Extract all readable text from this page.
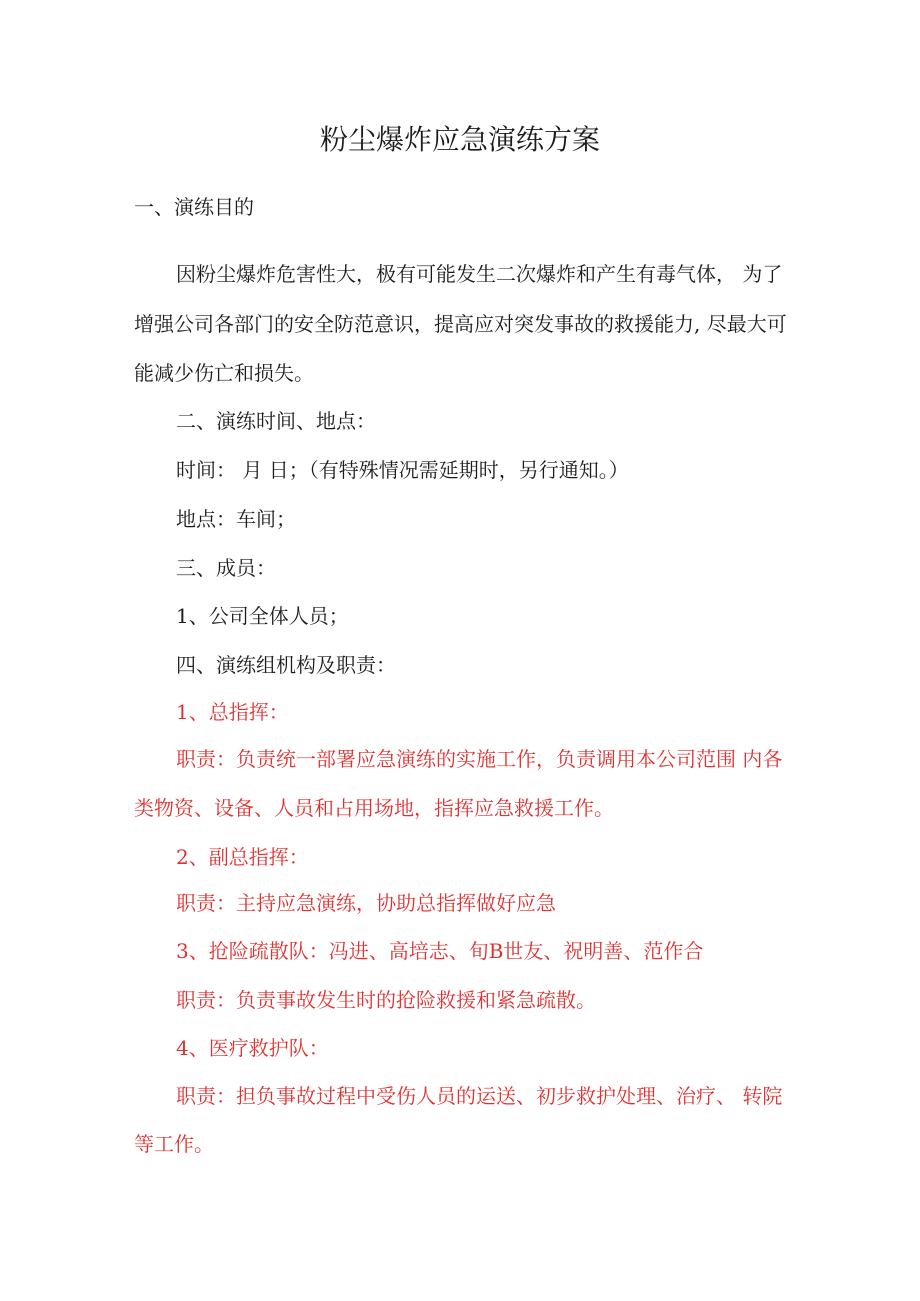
粉尘爆炸应急演练方案
一、演练目的
因粉尘爆炸危害性大，极有可能发生二次爆炸和产生有毒气体， 为了
增强公司各部门的安全防范意识，提高应对突发事故的救援能力, 尽最大可
能减少伤亡和损失。
二、演练时间、地点：
时间： 月 日；（有特殊情况需延期时，另行通知。）
地点：车间；
三、成员：
1、公司全体人员；
四、演练组机构及职责：
1、总指挥：
职责：负责统一部署应急演练的实施工作，负责调用本公司范围 内各
类物资、设备、人员和占用场地，指挥应急救援工作。
2、副总指挥：
职责：主持应急演练，协助总指挥做好应急
3、抢险疏散队：冯进、高培志、旬B世友、祝明善、范作合
职责：负责事故发生时的抢险救援和紧急疏散。
4、医疗救护队：
职责：担负事故过程中受伤人员的运送、初步救护处理、治疗、 转院
等工作。
